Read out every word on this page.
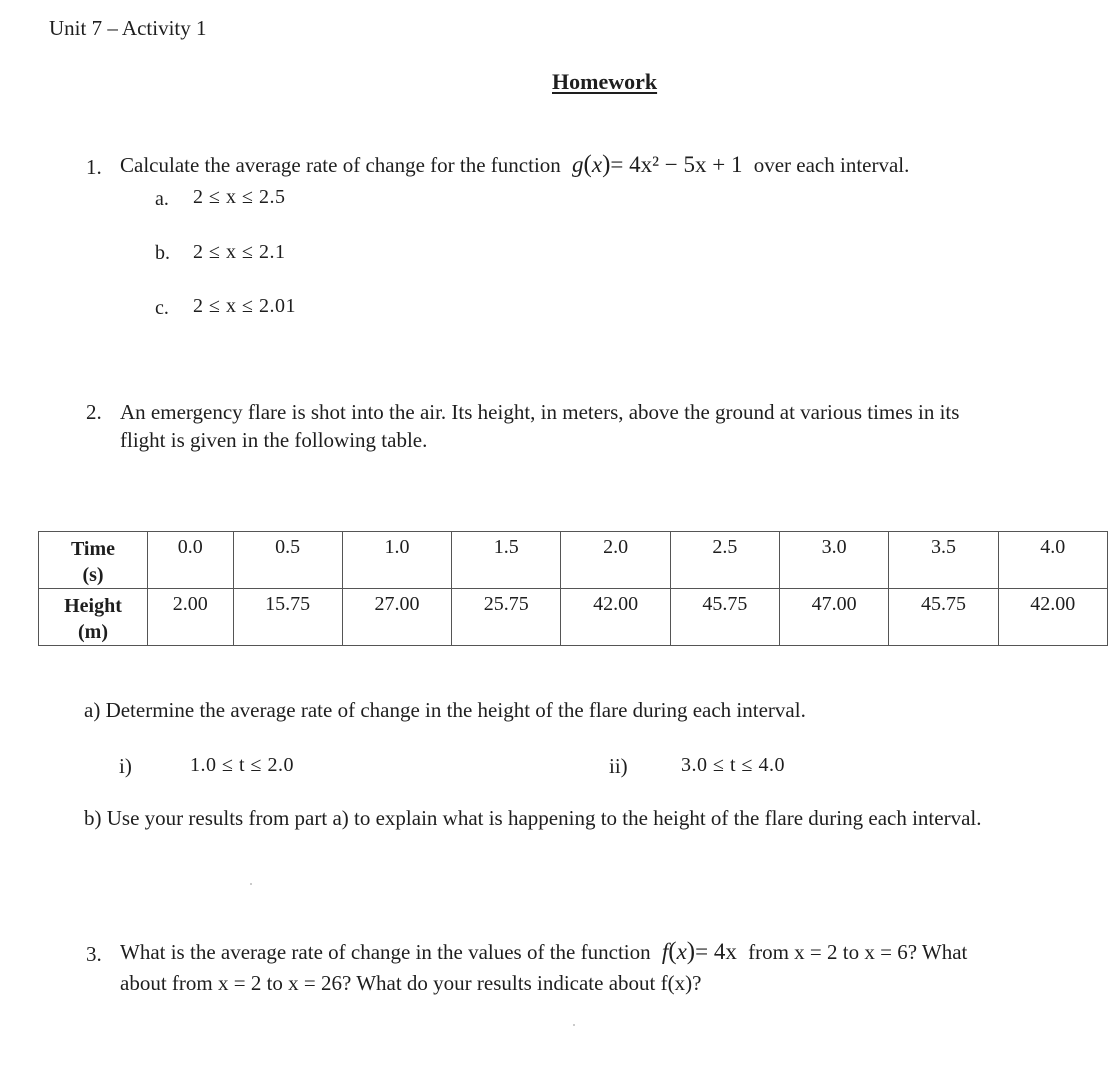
Unit 7 – Activity 1
Homework
1. Calculate the average rate of change for the function g(x)= 4x² − 5x + 1 over each interval.
a. 2 ≤ x ≤ 2.5
b. 2 ≤ x ≤ 2.1
c. 2 ≤ x ≤ 2.01
2. An emergency flare is shot into the air. Its height, in meters, above the ground at various times in its
flight is given in the following table.
Time
(s)	0.0	0.5	1.0	1.5	2.0	2.5	3.0	3.5	4.0

Height
(m)	2.00	15.75	27.00	25.75	42.00	45.75	47.00	45.75	42.00
a) Determine the average rate of change in the height of the flare during each interval.
i)	1.0 ≤ t ≤ 2.0	ii)	3.0 ≤ t ≤ 4.0
b) Use your results from part a) to explain what is happening to the height of the flare during each interval.
3. What is the average rate of change in the values of the function f(x)= 4x from x = 2 to x = 6? What
about from x = 2 to x = 26? What do your results indicate about f(x)?
